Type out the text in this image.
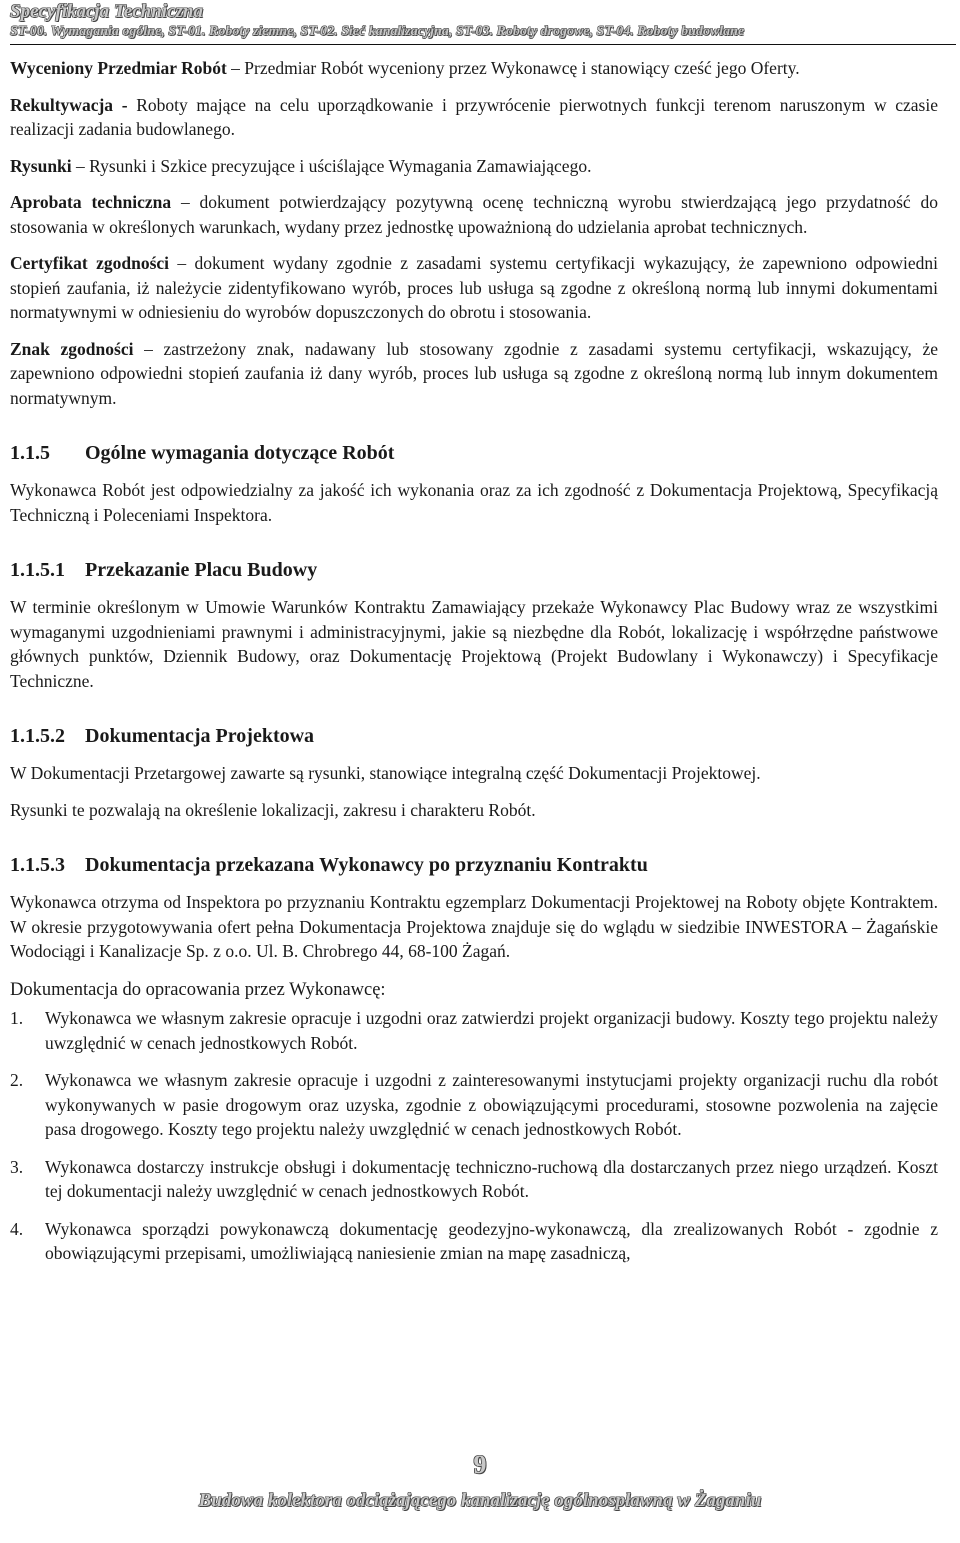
Specyfikacja Techniczna
ST-00. Wymagania ogólne, ST-01. Roboty ziemne, ST-02. Sieć kanalizacyjna, ST-03. Roboty drogowe, ST-04. Roboty budowlane

Wyceniony Przedmiar Robót – Przedmiar Robót wyceniony przez Wykonawcę i stanowiący cześć jego Oferty.

Rekultywacja - Roboty mające na celu uporządkowanie i przywrócenie pierwotnych funkcji terenom naruszonym w czasie realizacji zadania budowlanego.

Rysunki – Rysunki i Szkice precyzujące i uściślające Wymagania Zamawiającego.

Aprobata techniczna – dokument potwierdzający pozytywną ocenę techniczną wyrobu stwierdzającą jego przydatność do stosowania w określonych warunkach, wydany przez jednostkę upoważnioną do udzielania aprobat technicznych.

Certyfikat zgodności – dokument wydany zgodnie z zasadami systemu certyfikacji wykazujący, że zapewniono odpowiedni stopień zaufania, iż należycie zidentyfikowano wyrób, proces lub usługa są zgodne z określoną normą lub innymi dokumentami normatywnymi w odniesieniu do wyrobów dopuszczonych do obrotu i stosowania.

Znak zgodności – zastrzeżony znak, nadawany lub stosowany zgodnie z zasadami systemu certyfikacji, wskazujący, że zapewniono odpowiedni stopień zaufania iż dany wyrób, proces lub usługa są zgodne z określoną normą lub innym dokumentem normatywnym.

1.1.5 Ogólne wymagania dotyczące Robót

Wykonawca Robót jest odpowiedzialny za jakość ich wykonania oraz za ich zgodność z Dokumentacja Projektową, Specyfikacją Techniczną i Poleceniami Inspektora.

1.1.5.1 Przekazanie Placu Budowy

W terminie określonym w Umowie Warunków Kontraktu Zamawiający przekaże Wykonawcy Plac Budowy wraz ze wszystkimi wymaganymi uzgodnieniami prawnymi i administracyjnymi, jakie są niezbędne dla Robót, lokalizację i współrzędne państwowe głównych punktów, Dziennik Budowy, oraz Dokumentację Projektową (Projekt Budowlany i Wykonawczy) i Specyfikacje Techniczne.

1.1.5.2 Dokumentacja Projektowa

W Dokumentacji Przetargowej zawarte są rysunki, stanowiące integralną część Dokumentacji Projektowej.

Rysunki te pozwalają na określenie lokalizacji, zakresu i charakteru Robót.

1.1.5.3 Dokumentacja przekazana Wykonawcy po przyznaniu Kontraktu

Wykonawca otrzyma od Inspektora po przyznaniu Kontraktu egzemplarz Dokumentacji Projektowej na Roboty objęte Kontraktem. W okresie przygotowywania ofert pełna Dokumentacja Projektowa znajduje się do wglądu w siedzibie INWESTORA – Żagańskie Wodociągi i Kanalizacje Sp. z o.o. Ul. B. Chrobrego 44, 68-100 Żagań.

Dokumentacja do opracowania przez Wykonawcę:
1.	Wykonawca we własnym zakresie opracuje i uzgodni oraz zatwierdzi projekt organizacji budowy. Koszty tego projektu należy uwzględnić w cenach jednostkowych Robót.
2.	Wykonawca we własnym zakresie opracuje i uzgodni z zainteresowanymi instytucjami projekty organizacji ruchu dla robót wykonywanych w pasie drogowym oraz uzyska, zgodnie z obowiązującymi procedurami, stosowne pozwolenia na zajęcie pasa drogowego. Koszty tego projektu należy uwzględnić w cenach jednostkowych Robót.
3.	Wykonawca dostarczy instrukcje obsługi i dokumentację techniczno-ruchową dla dostarczanych przez niego urządzeń. Koszt tej dokumentacji należy uwzględnić w cenach jednostkowych Robót.
4.	Wykonawca sporządzi powykonawczą dokumentację geodezyjno-wykonawczą, dla zrealizowanych Robót - zgodnie z obowiązującymi przepisami, umożliwiającą naniesienie zmian na mapę zasadniczą,
9
Budowa kolektora odciążającego kanalizację ogólnospławną w Żaganiu
